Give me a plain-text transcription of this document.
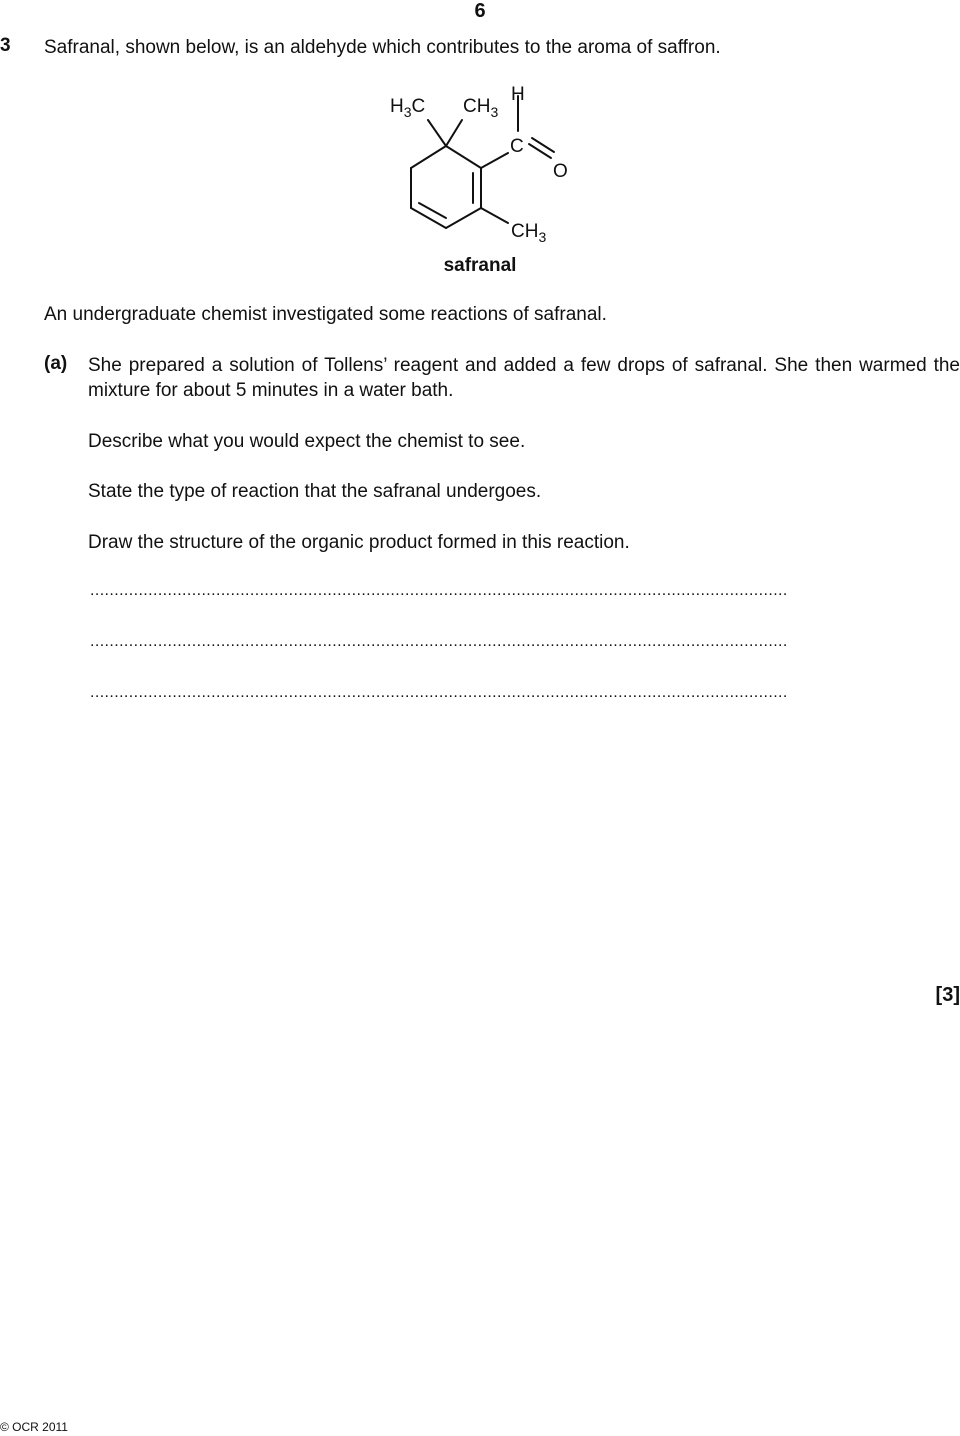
6
3 Safranal, shown below, is an aldehyde which contributes to the aroma of saffron.
$H_3C$ $CH_3$
H
C
O
$CH_3$
safranal
An undergraduate chemist investigated some reactions of safranal.
(a) She prepared a solution of Tollens’ reagent and added a few drops of safranal. She then warmed the mixture for about 5 minutes in a water bath.
Describe what you would expect the chemist to see.
State the type of reaction that the safranal undergoes.
Draw the structure of the organic product formed in this reaction.
................................................................................................................................................
................................................................................................................................................
................................................................................................................................................
[3]
© OCR 2011
